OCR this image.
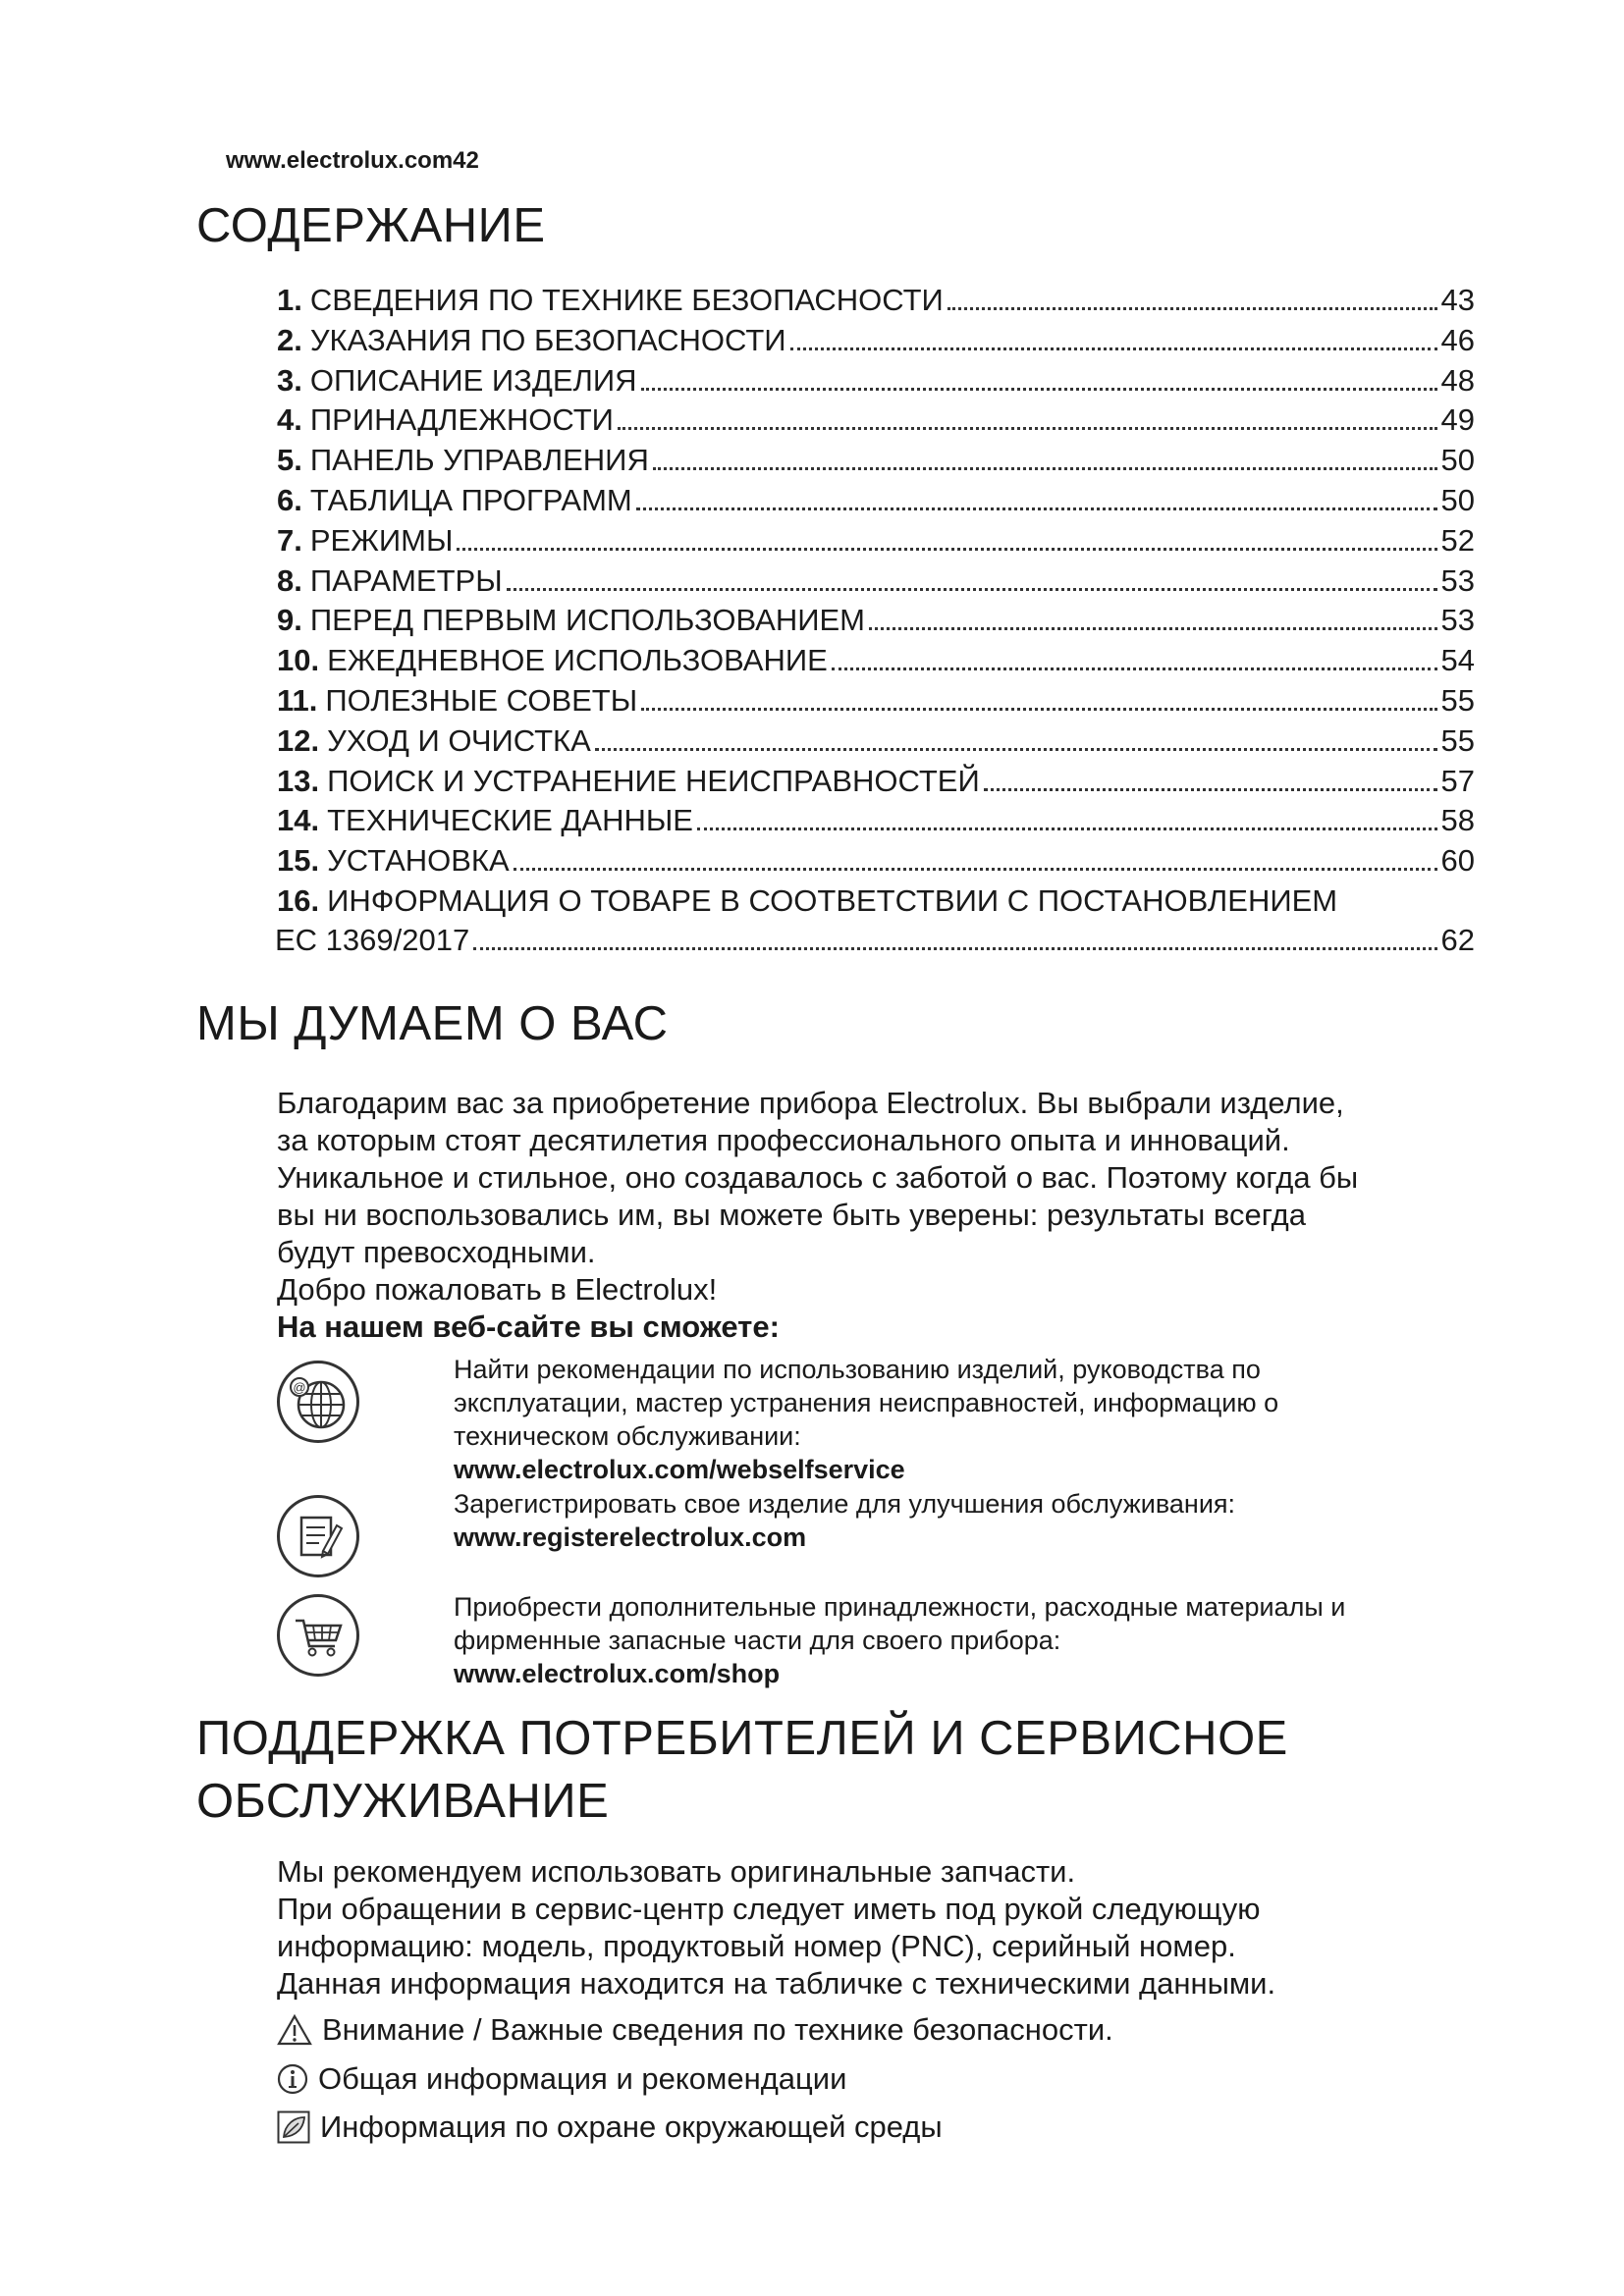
www.electrolux.com42
СОДЕРЖАНИЕ
1. СВЕДЕНИЯ ПО ТЕХНИКЕ БЕЗОПАСНОСТИ	43
2. УКАЗАНИЯ ПО БЕЗОПАСНОСТИ	46
3. ОПИСАНИЕ ИЗДЕЛИЯ	48
4. ПРИНАДЛЕЖНОСТИ	49
5. ПАНЕЛЬ УПРАВЛЕНИЯ	50
6. ТАБЛИЦА ПРОГРАММ	50
7. РЕЖИМЫ	52
8. ПАРАМЕТРЫ	53
9. ПЕРЕД ПЕРВЫМ ИСПОЛЬЗОВАНИЕМ	53
10. ЕЖЕДНЕВНОЕ ИСПОЛЬЗОВАНИЕ	54
11. ПОЛЕЗНЫЕ СОВЕТЫ	55
12. УХОД И ОЧИСТКА	55
13. ПОИСК И УСТРАНЕНИЕ НЕИСПРАВНОСТЕЙ	57
14. ТЕХНИЧЕСКИЕ ДАННЫЕ	58
15. УСТАНОВКА	60
16. ИНФОРМАЦИЯ О ТОВАРЕ В СООТВЕТСТВИИ С ПОСТАНОВЛЕНИЕМ
ЕС 1369/2017	62
МЫ ДУМАЕМ О ВАС
Благодарим вас за приобретение прибора Electrolux. Вы выбрали изделие,
за которым стоят десятилетия профессионального опыта и инноваций.
Уникальное и стильное, оно создавалось с заботой о вас. Поэтому когда бы
вы ни воспользовались им, вы можете быть уверены: результаты всегда
будут превосходными.
Добро пожаловать в Electrolux!
На нашем веб-сайте вы сможете:
@
Найти рекомендации по использованию изделий, руководства по
эксплуатации, мастер устранения неисправностей, информацию о
техническом обслуживании:
www.electrolux.com/webselfservice
Зарегистрировать свое изделие для улучшения обслуживания:
www.registerelectrolux.com
Приобрести дополнительные принадлежности, расходные материалы и
фирменные запасные части для своего прибора:
www.electrolux.com/shop
ПОДДЕРЖКА ПОТРЕБИТЕЛЕЙ И СЕРВИСНОЕ
ОБСЛУЖИВАНИЕ
Мы рекомендуем использовать оригинальные запчасти.
При обращении в сервис-центр следует иметь под рукой следующую
информацию: модель, продуктовый номер (PNC), серийный номер.
Данная информация находится на табличке с техническими данными.
Внимание / Важные сведения по технике безопасности.
Общая информация и рекомендации
Информация по охране окружающей среды
